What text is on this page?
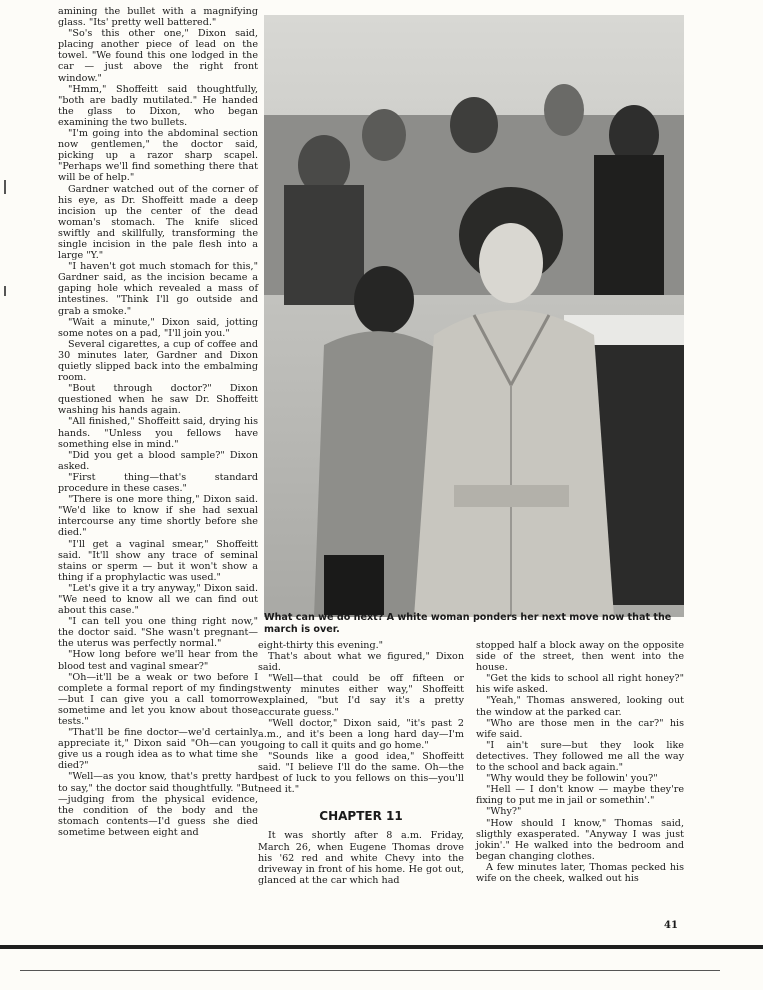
amining the bullet with a magnifying glass. "Its' pretty well battered."

"So's this other one," Dixon said, placing another piece of lead on the towel. "We found this one lodged in the car — just above the right front window."

"Hmm," Shoffeitt said thoughtfully, "both are badly mutilated." He handed the glass to Dixon, who began examining the two bullets.

"I'm going into the abdominal section now gentlemen," the doctor said, picking up a razor sharp scapel. "Perhaps we'll find something there that will be of help."

Gardner watched out of the corner of his eye, as Dr. Shoffeitt made a deep incision up the center of the dead woman's stomach. The knife sliced swiftly and skillfully, transforming the single incision in the pale flesh into a large "Y."

"I haven't got much stomach for this," Gardner said, as the incision became a gaping hole which revealed a mass of intestines. "Think I'll go outside and grab a smoke."

"Wait a minute," Dixon said, jotting some notes on a pad, "I'll join you."

Several cigarettes, a cup of coffee and 30 minutes later, Gardner and Dixon quietly slipped back into the embalming room.

"Bout through doctor?" Dixon questioned when he saw Dr. Shoffeitt washing his hands again.

"All finished," Shoffeitt said, drying his hands. "Unless you fellows have something else in mind."

"Did you get a blood sample?" Dixon asked.

"First thing—that's standard procedure in these cases."

"There is one more thing," Dixon said. "We'd like to know if she had sexual intercourse any time shortly before she died."

"I'll get a vaginal smear," Shoffeitt said. "It'll show any trace of seminal stains or sperm — but it won't show a thing if a prophylactic was used."

"Let's give it a try anyway," Dixon said. "We need to know all we can find out about this case."

"I can tell you one thing right now," the doctor said. "She wasn't pregnant—the uterus was perfectly normal."

"How long before we'll hear from the blood test and vaginal smear?"

"Oh—it'll be a weak or two before I complete a formal report of my findings—but I can give you a call tomorrow sometime and let you know about those tests."

"That'll be fine doctor—we'd certainly appreciate it," Dixon said "Oh—can you give us a rough idea as to what time she died?"

"Well—as you know, that's pretty hard to say," the doctor said thoughtfully. "But—judging from the physical evidence, the condition of the body and the stomach contents—I'd guess she died sometime between eight and

What can we do next? A white woman ponders her next move now that the march is over.

eight-thirty this evening."

That's about what we figured," Dixon said.

"Well—that could be off fifteen or twenty minutes either way," Shoffeitt explained, "but I'd say it's a pretty accurate guess."

"Well doctor," Dixon said, "it's past 2 a.m., and it's been a long hard day—I'm going to call it quits and go home."

"Sounds like a good idea," Shoffeitt said. "I believe I'll do the same. Oh—the best of luck to you fellows on this—you'll need it."

CHAPTER 11

It was shortly after 8 a.m. Friday, March 26, when Eugene Thomas drove his '62 red and white Chevy into the driveway in front of his home. He got out, glanced at the car which had

stopped half a block away on the opposite side of the street, then went into the house.

"Get the kids to school all right honey?" his wife asked.

"Yeah," Thomas answered, looking out the window at the parked car.

"Who are those men in the car?" his wife said.

"I ain't sure—but they look like detectives. They followed me all the way to the school and back again."

"Why would they be followin' you?"

"Hell — I don't know — maybe they're fixing to put me in jail or somethin'."

"Why?"

"How should I know," Thomas said, sligthly exasperated. "Anyway I was just jokin'." He walked into the bedroom and began changing clothes.

A few minutes later, Thomas pecked his wife on the cheek, walked out his

41
